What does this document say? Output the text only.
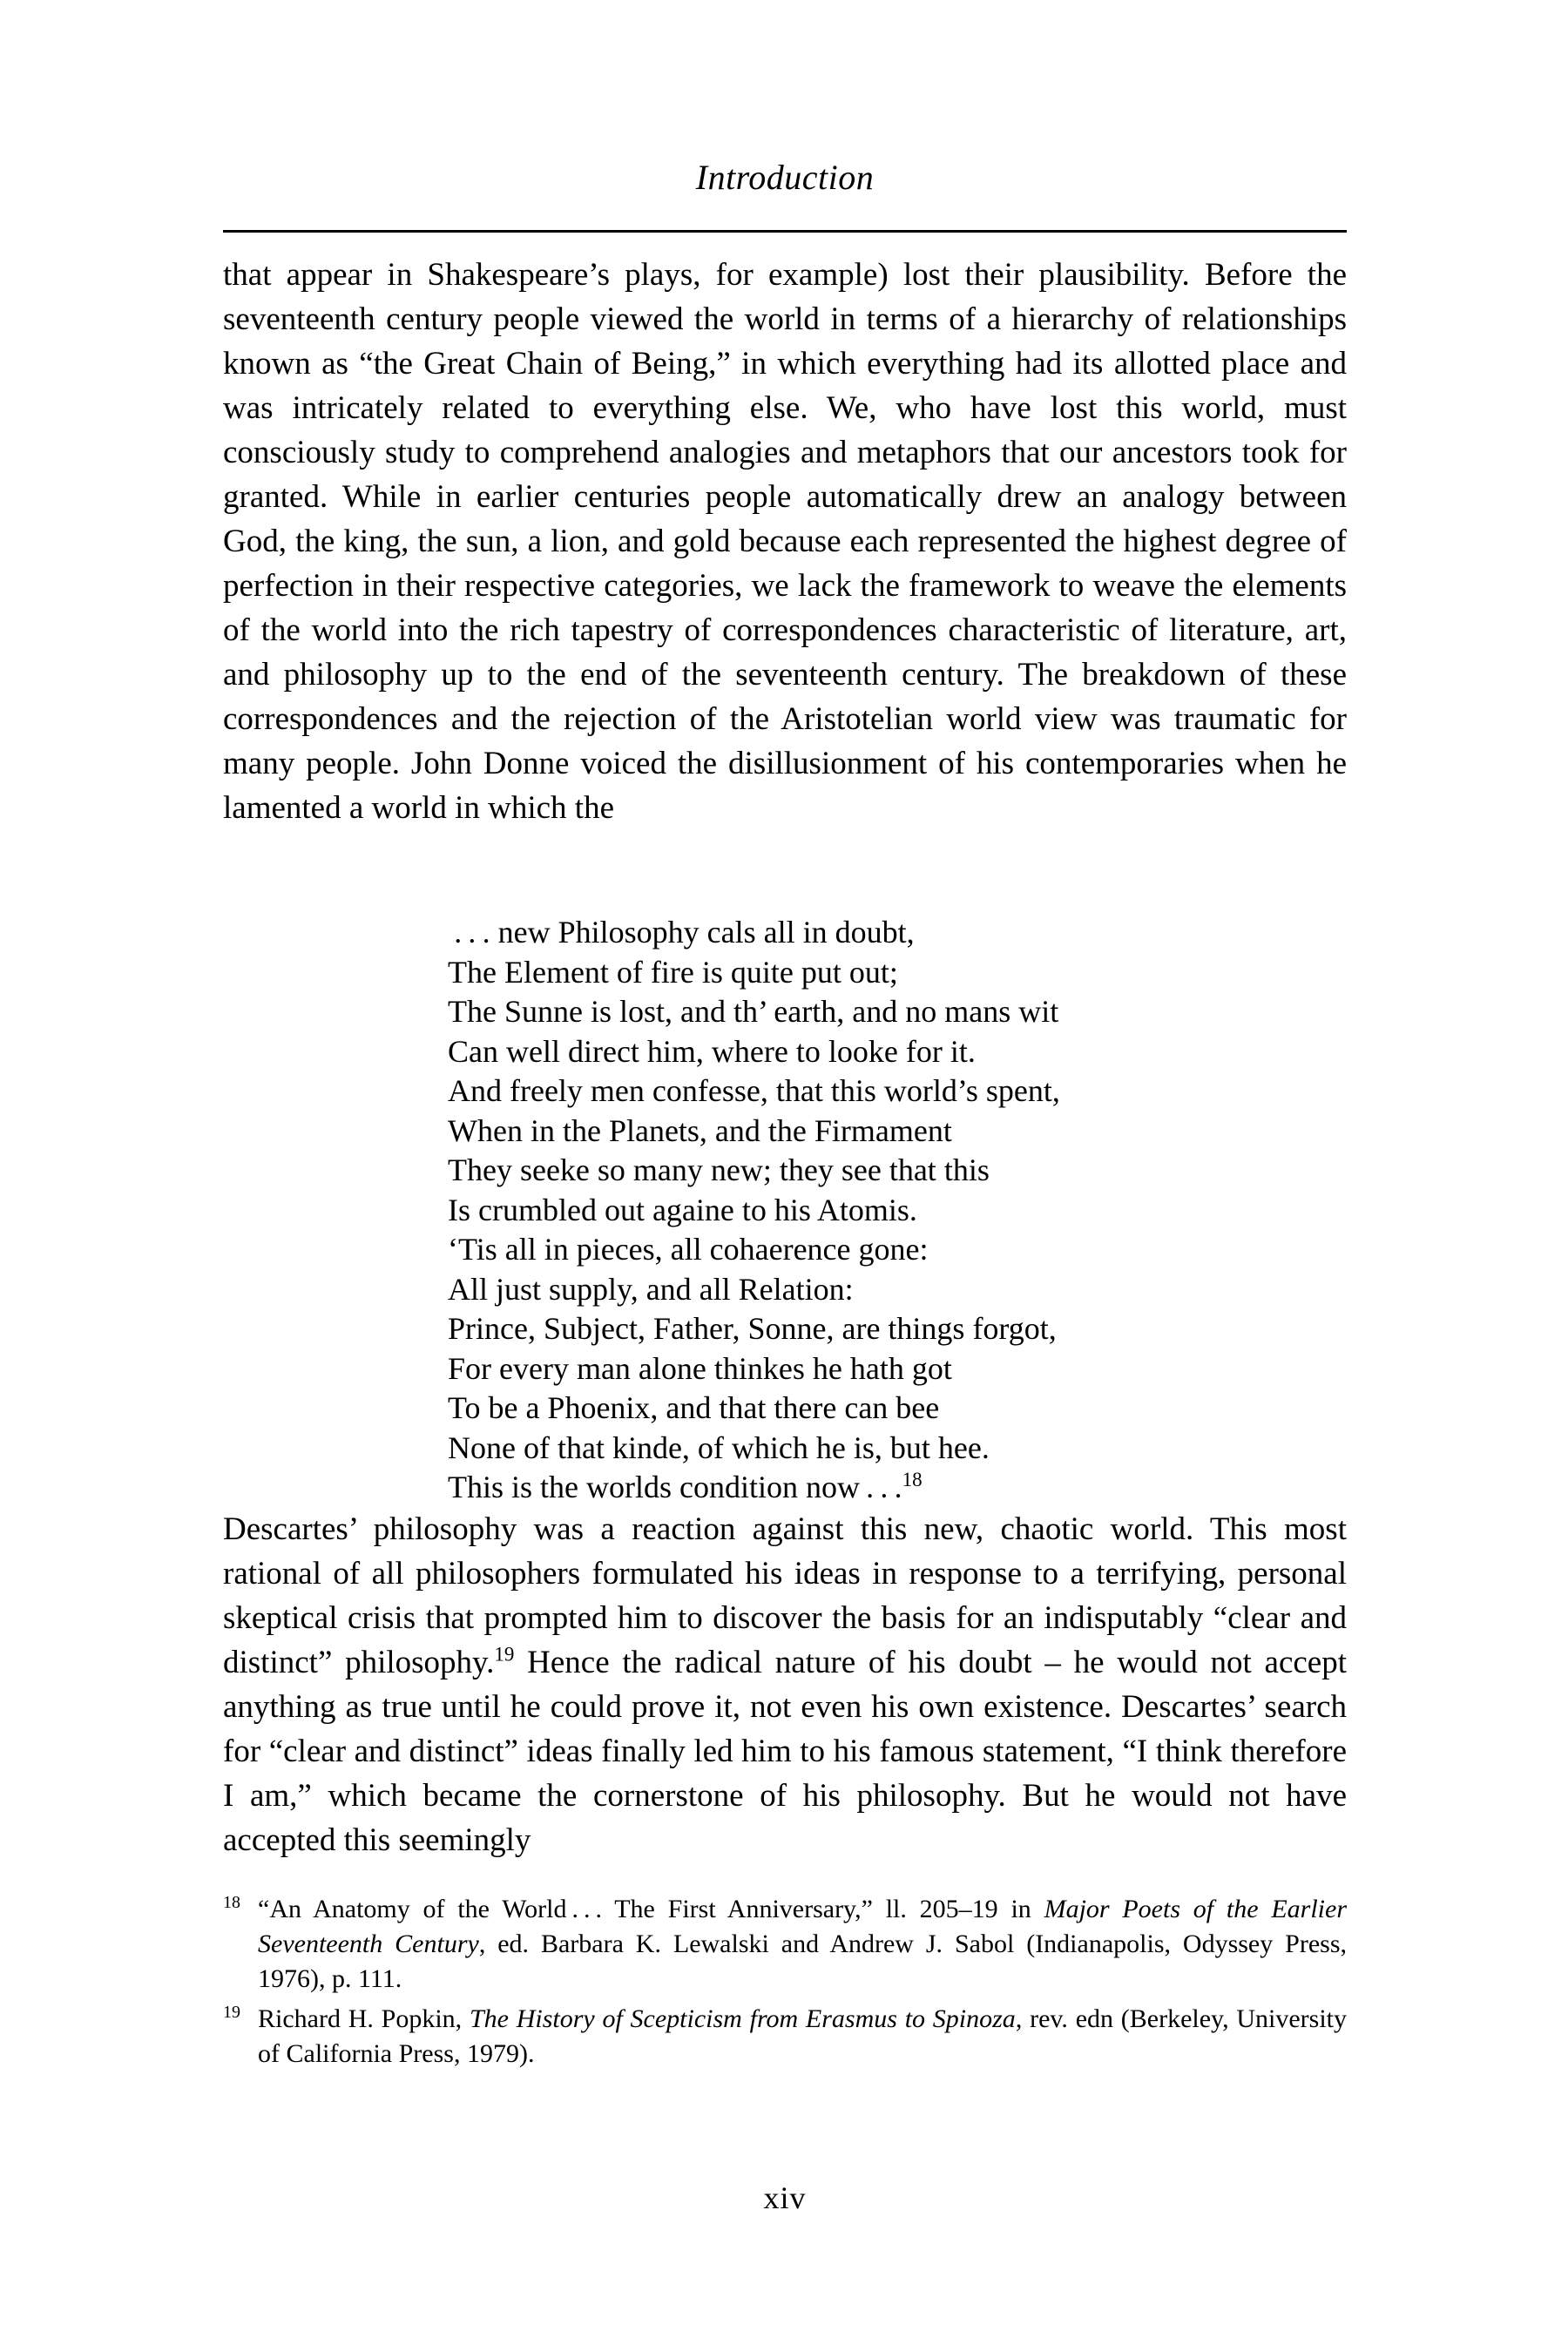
Introduction

that appear in Shakespeare’s plays, for example) lost their plausibility. Before the seventeenth century people viewed the world in terms of a hierarchy of relationships known as “the Great Chain of Being,” in which everything had its allotted place and was intricately related to everything else. We, who have lost this world, must consciously study to comprehend analogies and metaphors that our ancestors took for granted. While in earlier centuries people automatically drew an analogy between God, the king, the sun, a lion, and gold because each represented the highest degree of perfection in their respective categories, we lack the framework to weave the elements of the world into the rich tapestry of correspondences characteristic of literature, art, and philosophy up to the end of the seventeenth century. The breakdown of these correspondences and the rejection of the Aristotelian world view was traumatic for many people. John Donne voiced the disillusionment of his contemporaries when he lamented a world in which the

 . . . new Philosophy cals all in doubt,
The Element of fire is quite put out;
The Sunne is lost, and th’ earth, and no mans wit
Can well direct him, where to looke for it.
And freely men confesse, that this world’s spent,
When in the Planets, and the Firmament
They seeke so many new; they see that this
Is crumbled out againe to his Atomis.
‘Tis all in pieces, all cohaerence gone:
All just supply, and all Relation:
Prince, Subject, Father, Sonne, are things forgot,
For every man alone thinkes he hath got
To be a Phoenix, and that there can bee
None of that kinde, of which he is, but hee.
This is the worlds condition now . . .$^{18}$

Descartes’ philosophy was a reaction against this new, chaotic world. This most rational of all philosophers formulated his ideas in response to a terrifying, personal skeptical crisis that prompted him to discover the basis for an indisputably “clear and distinct” philosophy.$^{19}$ Hence the radical nature of his doubt – he would not accept anything as true until he could prove it, not even his own existence. Descartes’ search for “clear and distinct” ideas finally led him to his famous statement, “I think therefore I am,” which became the cornerstone of his philosophy. But he would not have accepted this seemingly

18 “An Anatomy of the World . . . The First Anniversary,” ll. 205–19 in Major Poets of the Earlier Seventeenth Century, ed. Barbara K. Lewalski and Andrew J. Sabol (Indianapolis, Odyssey Press, 1976), p. 111.

19 Richard H. Popkin, The History of Scepticism from Erasmus to Spinoza, rev. edn (Berkeley, University of California Press, 1979).

xiv
